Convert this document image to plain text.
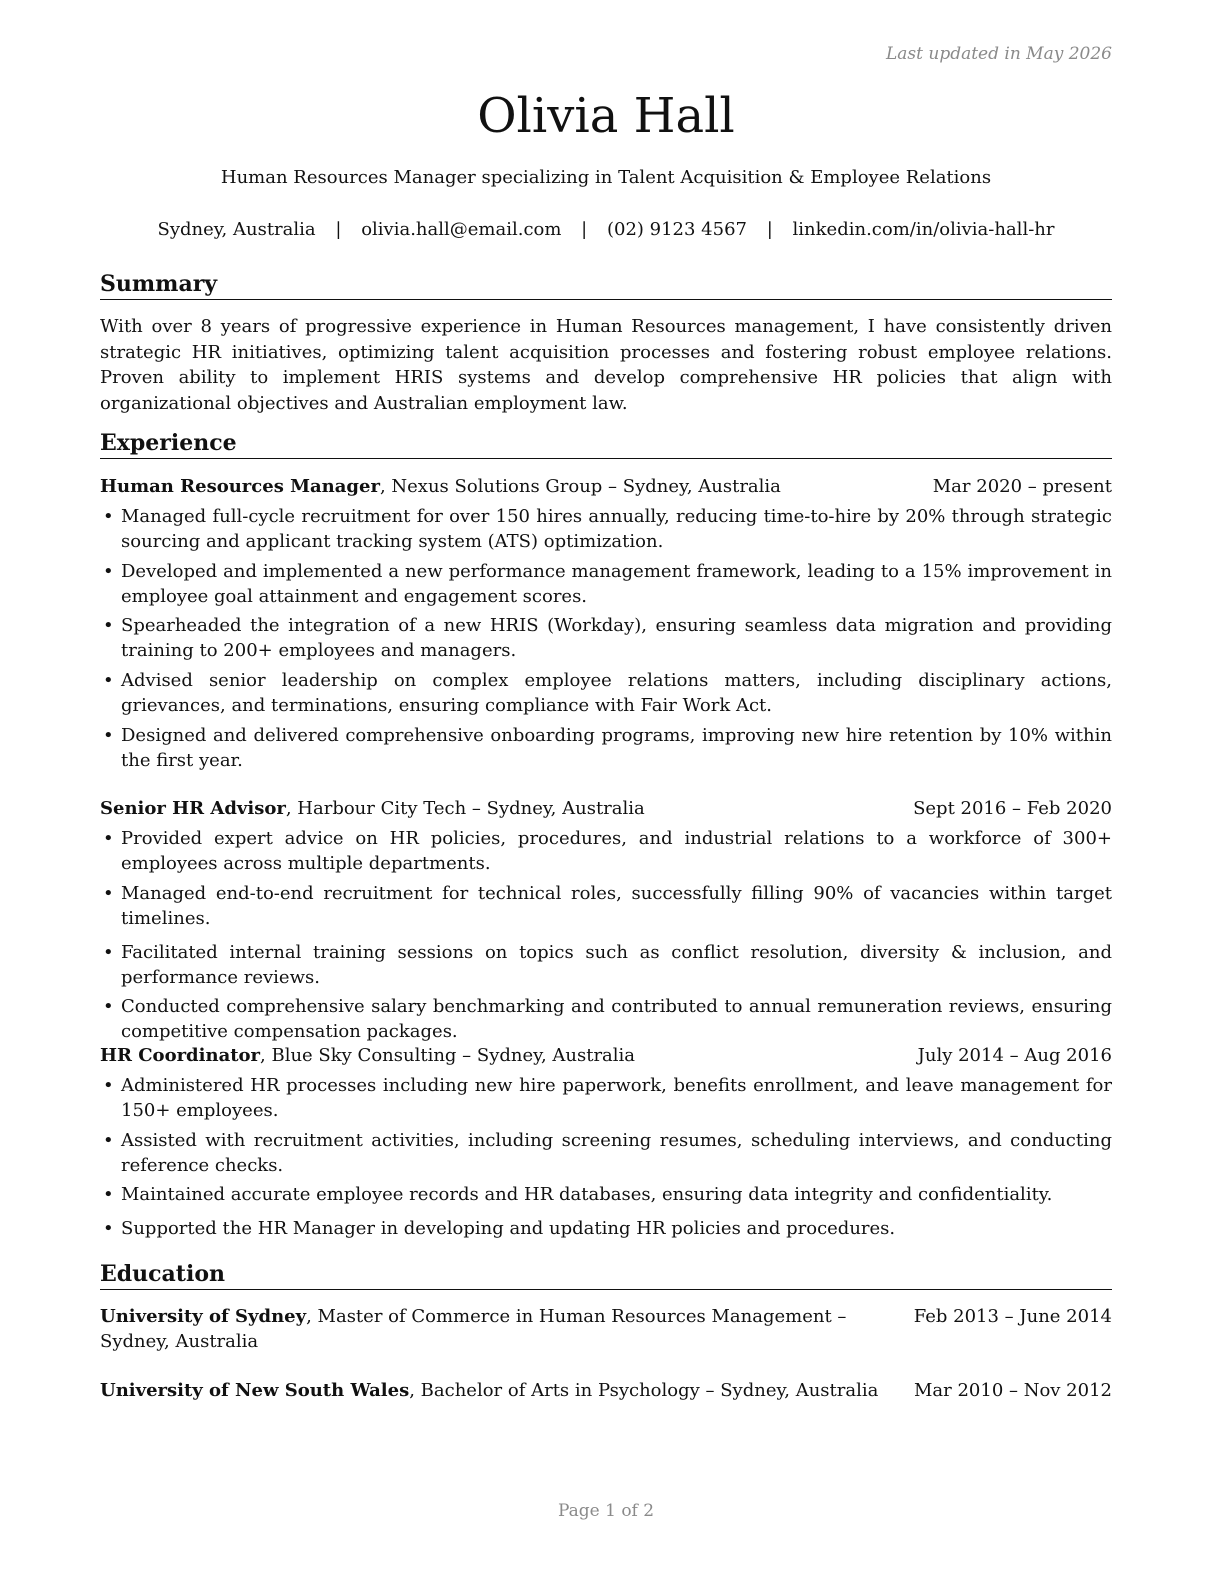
Last updated in May 2026
Olivia Hall
Human Resources Manager specializing in Talent Acquisition & Employee Relations
Sydney, Australia | olivia.hall@email.com | (02) 9123 4567 | linkedin.com/in/olivia-hall-hr
Summary
With over 8 years of progressive experience in Human Resources management, I have consistently driven strategic HR initiatives, optimizing talent acquisition processes and fostering robust employee relations. Proven ability to implement HRIS systems and develop comprehensive HR policies that align with organizational objectives and Australian employment law.
Experience
Human Resources Manager, Nexus Solutions Group – Sydney, Australia	Mar 2020 – present
• Managed full-cycle recruitment for over 150 hires annually, reducing time-to-hire by 20% through strategic sourcing and applicant tracking system (ATS) optimization.
• Developed and implemented a new performance management framework, leading to a 15% improvement in employee goal attainment and engagement scores.
• Spearheaded the integration of a new HRIS (Workday), ensuring seamless data migration and providing training to 200+ employees and managers.
• Advised senior leadership on complex employee relations matters, including disciplinary actions, grievances, and terminations, ensuring compliance with Fair Work Act.
• Designed and delivered comprehensive onboarding programs, improving new hire retention by 10% within the first year.
Senior HR Advisor, Harbour City Tech – Sydney, Australia	Sept 2016 – Feb 2020
• Provided expert advice on HR policies, procedures, and industrial relations to a workforce of 300+ employees across multiple departments.
• Managed end-to-end recruitment for technical roles, successfully filling 90% of vacancies within target timelines.
• Facilitated internal training sessions on topics such as conflict resolution, diversity & inclusion, and performance reviews.
• Conducted comprehensive salary benchmarking and contributed to annual remuneration reviews, ensuring competitive compensation packages.
HR Coordinator, Blue Sky Consulting – Sydney, Australia	July 2014 – Aug 2016
• Administered HR processes including new hire paperwork, benefits enrollment, and leave management for 150+ employees.
• Assisted with recruitment activities, including screening resumes, scheduling interviews, and conducting reference checks.
• Maintained accurate employee records and HR databases, ensuring data integrity and confidentiality.
• Supported the HR Manager in developing and updating HR policies and procedures.
Education
University of Sydney, Master of Commerce in Human Resources Management – Sydney, Australia
Feb 2013 – June 2014
University of New South Wales, Bachelor of Arts in Psychology – Sydney, Australia	Mar 2010 – Nov 2012
Page 1 of 2
